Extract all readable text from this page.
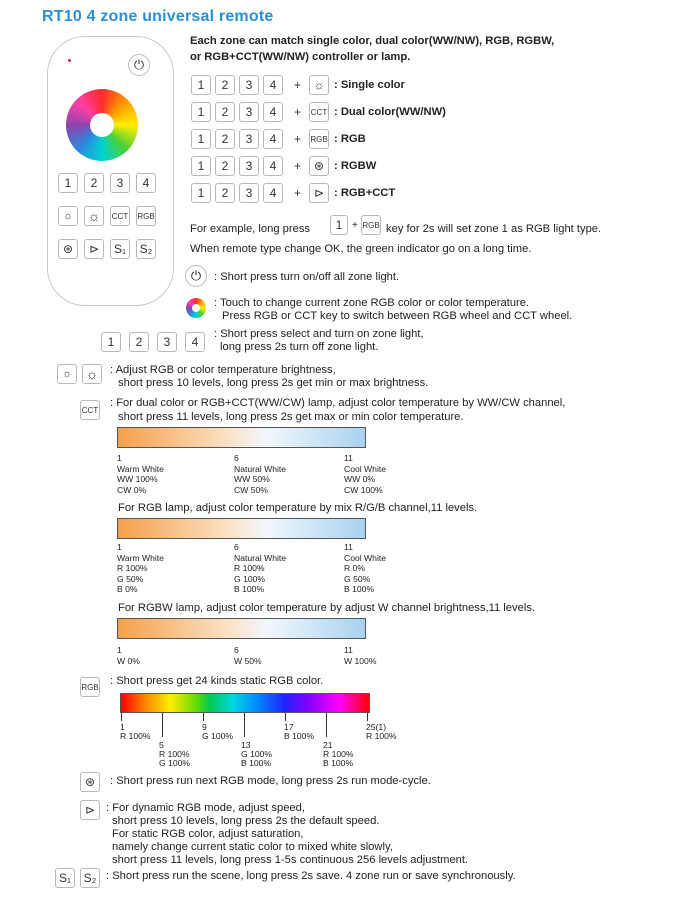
RT10 4 zone universal remote
⏻
1	2	3	4
☼	☼	CCT RGB
⊛	⊳	S₁	S₂
Each zone can match single color, dual color(WW/NW), RGB, RGBW,
or RGB+CCT(WW/NW) controller or lamp.
1	2	3	4	+	☼ : Single color
1	2	3	4	+ CCT : Dual color(WW/NW)
1	2	3	4	+ RGB : RGB
1	2	3	4	+	⊛ : RGBW
1	2	3	4	+	⊳ : RGB+CCT
For example, long press	1 + RGB key for 2s will set zone 1 as RGB light type.
When remote type change OK, the green indicator go on a long time.
⏻ : Short press turn on/off all zone light.
: Touch to change current zone RGB color or color temperature.
Press RGB or CCT key to switch between RGB wheel and CCT wheel.
1	2	3	4
: Short press select and turn on zone light,
long press 2s turn off zone light.
☼ ☼	: Adjust RGB or color temperature brightness,
short press 10 levels, long press 2s get min or max brightness.
CCT
: For dual color or RGB+CCT(WW/CW) lamp, adjust color temperature by WW/CW channel,
short press 11 levels, long press 2s get max or min color temperature.
1
Warm White
WW 100%
CW 0%
6
Natural White
WW 50%
CW 50%
11
Cool White
WW 0%
CW 100%
For RGB lamp, adjust color temperature by mix R/G/B channel,11 levels.
1
Warm White
R 100%
G 50%
B 0%
6
Natural White
R 100%
G 100%
B 100%
11
Cool White
R 0%
G 50%
B 100%
For RGBW lamp, adjust color temperature by adjust W channel brightness,11 levels.
1
W 0%
6
W 50%
11
W 100%
RGB : Short press get 24 kinds static RGB color.
1
R 100%
9
G 100%
17
B 100%
25(1)
R 100%
5
R 100%
G 100%
13
G 100%
B 100%
21
R 100%
B 100%
⊛	: Short press run next RGB mode, long press 2s run mode-cycle.
⊳ : For dynamic RGB mode, adjust speed,
short press 10 levels, long press 2s the default speed.
For static RGB color, adjust saturation,
namely change current static color to mixed white slowly,
short press 11 levels, long press 1-5s continuous 256 levels adjustment.
S₁	S₂ : Short press run the scene, long press 2s save. 4 zone run or save synchronously.
